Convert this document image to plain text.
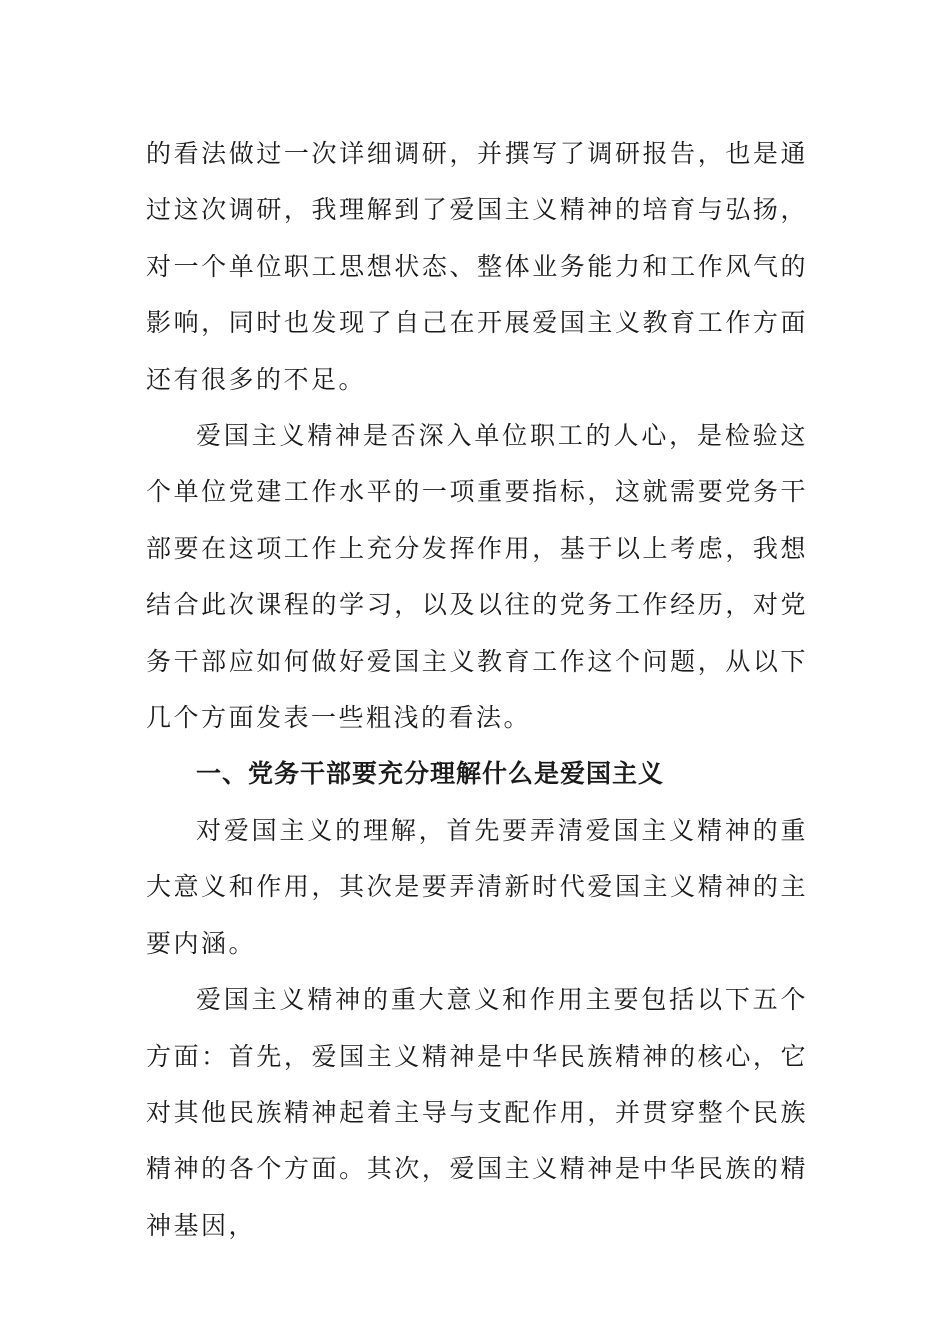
的看法做过一次详细调研，并撰写了调研报告，也是通过这次调研，我理解到了爱国主义精神的培育与弘扬，对一个单位职工思想状态、整体业务能力和工作风气的影响，同时也发现了自己在开展爱国主义教育工作方面还有很多的不足。

爱国主义精神是否深入单位职工的人心，是检验这个单位党建工作水平的一项重要指标，这就需要党务干部要在这项工作上充分发挥作用，基于以上考虑，我想结合此次课程的学习，以及以往的党务工作经历，对党务干部应如何做好爱国主义教育工作这个问题，从以下几个方面发表一些粗浅的看法。

一、党务干部要充分理解什么是爱国主义

对爱国主义的理解，首先要弄清爱国主义精神的重大意义和作用，其次是要弄清新时代爱国主义精神的主要内涵。

爱国主义精神的重大意义和作用主要包括以下五个方面：首先，爱国主义精神是中华民族精神的核心，它对其他民族精神起着主导与支配作用，并贯穿整个民族精神的各个方面。其次，爱国主义精神是中华民族的精神基因，
